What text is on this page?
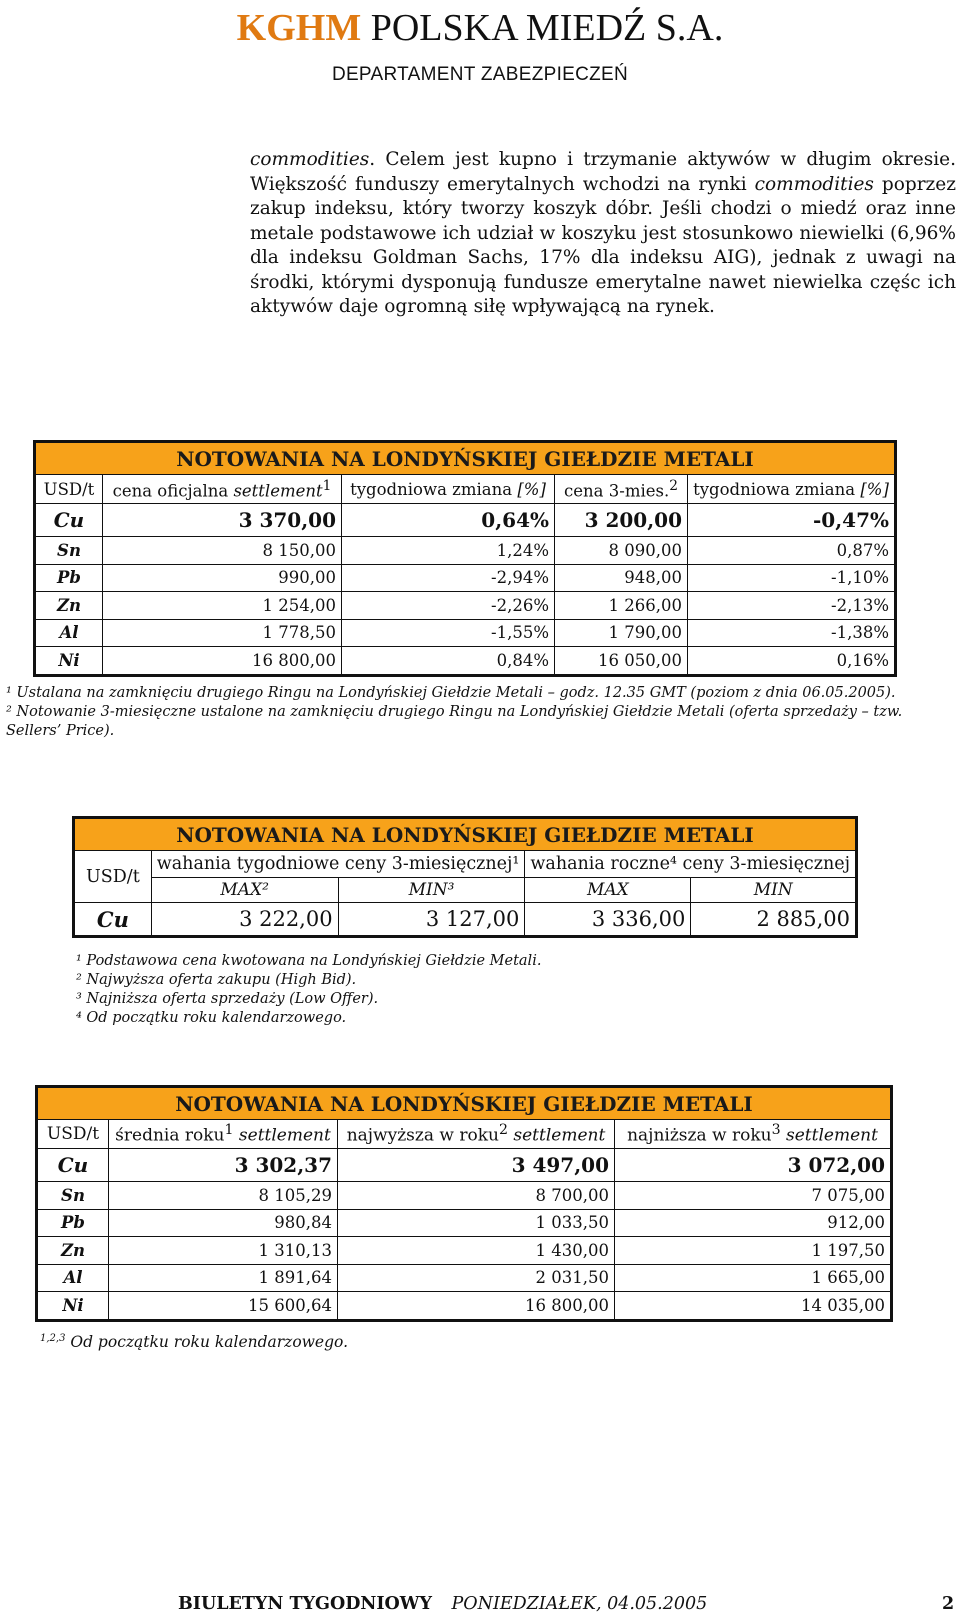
KGHM POLSKA MIEDŹ S.A.
DEPARTAMENT ZABEZPIECZEŃ
commodities. Celem jest kupno i trzymanie aktywów w długim okresie. Większość funduszy emerytalnych wchodzi na rynki commodities poprzez zakup indeksu, który tworzy koszyk dóbr. Jeśli chodzi o miedź oraz inne metale podstawowe ich udział w koszyku jest stosunkowo niewielki (6,96% dla indeksu Goldman Sachs, 17% dla indeksu AIG), jednak z uwagi na środki, którymi dysponują fundusze emerytalne nawet niewielka częśc ich aktywów daje ogromną siłę wpływającą na rynek.
NOTOWANIA NA LONDYŃSKIEJ GIEŁDZIE METALI				
USD/t	cena oficjalna settlement$^1$	tygodniowa zmiana [%]	cena 3-mies.$^2$	tygodniowa zmiana [%]
Cu	3 370,00	0,64%	3 200,00	-0,47%
Sn	8 150,00	1,24%	8 090,00	0,87%
Pb	990,00	-2,94%	948,00	-1,10%
Zn	1 254,00	-2,26%	1 266,00	-2,13%
Al	1 778,50	-1,55%	1 790,00	-1,38%
Ni	16 800,00	0,84%	16 050,00	0,16%
¹ Ustalana na zamknięciu drugiego Ringu na Londyńskiej Giełdzie Metali – godz. 12.35 GMT (poziom z dnia 06.05.2005).
² Notowanie 3-miesięczne ustalone na zamknięciu drugiego Ringu na Londyńskiej Giełdzie Metali (oferta sprzedaży – tzw. Sellers’ Price).
NOTOWANIA NA LONDYŃSKIEJ GIEŁDZIE METALI				
USD/t	wahania tygodniowe ceny 3-miesięcznej¹		wahania roczne⁴ ceny 3-miesięcznej	
	MAX²	MIN³	MAX	MIN
Cu	3 222,00	3 127,00	3 336,00	2 885,00
¹ Podstawowa cena kwotowana na Londyńskiej Giełdzie Metali.
² Najwyższa oferta zakupu (High Bid).
³ Najniższa oferta sprzedaży (Low Offer).
⁴ Od początku roku kalendarzowego.
NOTOWANIA NA LONDYŃSKIEJ GIEŁDZIE METALI			
USD/t	średnia roku$^1$ settlement	najwyższa w roku$^2$ settlement	najniższa w roku$^3$ settlement
Cu	3 302,37	3 497,00	3 072,00
Sn	8 105,29	8 700,00	7 075,00
Pb	980,84	1 033,50	912,00
Zn	1 310,13	1 430,00	1 197,50
Al	1 891,64	2 031,50	1 665,00
Ni	15 600,64	16 800,00	14 035,00
$^{1,2,3}$ Od początku roku kalendarzowego.
BIULETYN TYGODNIOWY PONIEDZIAŁEK, 04.05.2005	2
